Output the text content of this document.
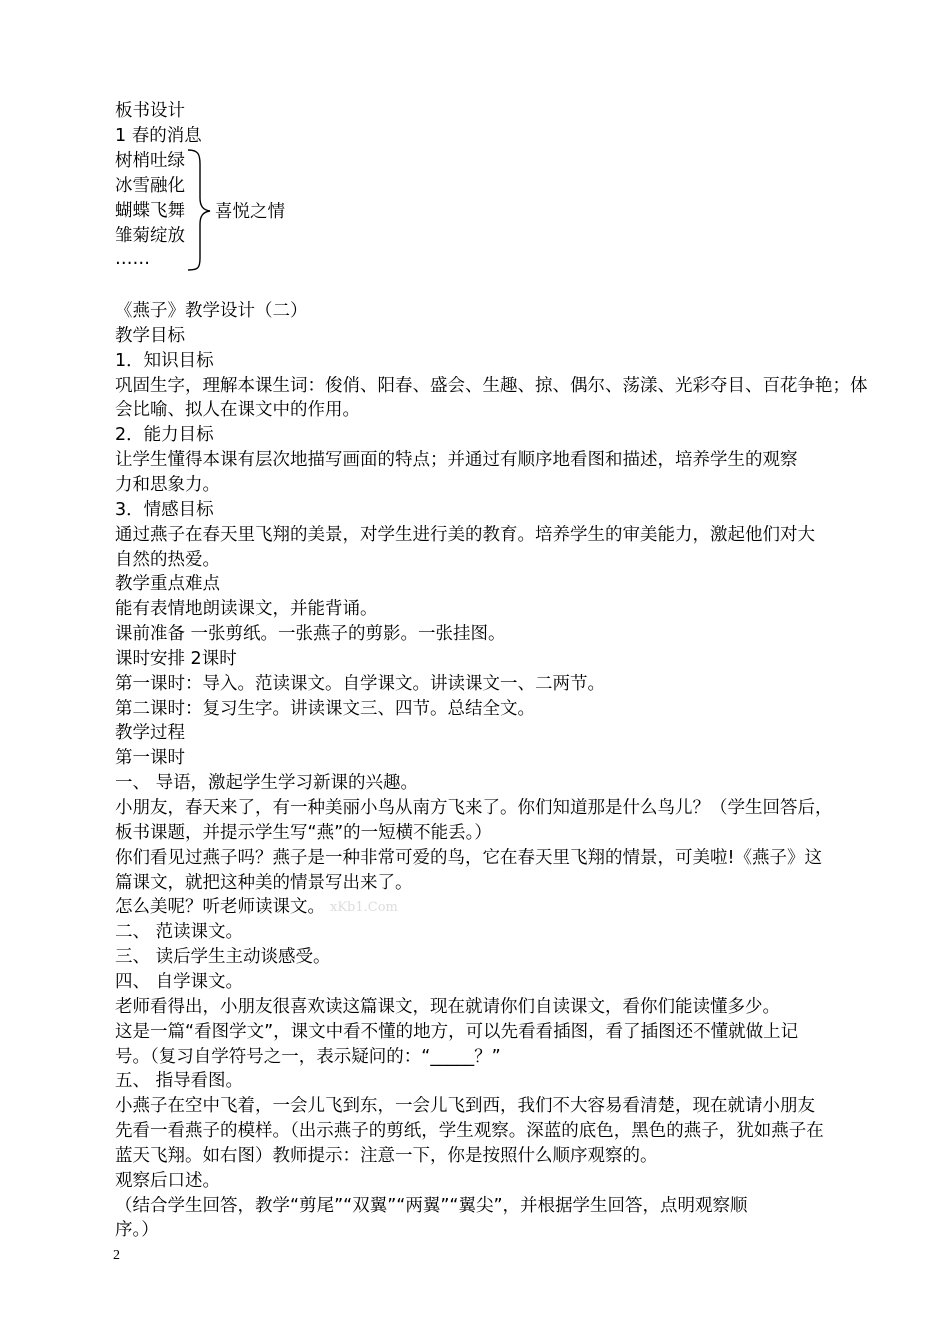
板书设计
1 春的消息
树梢吐绿
冰雪融化
蝴蝶飞舞
雏菊绽放
……
喜悦之情
《燕子》教学设计（二）
教学目标
1．知识目标
巩固生字，理解本课生词：俊俏、阳春、盛会、生趣、掠、偶尔、荡漾、光彩夺目、百花争艳；体
会比喻、拟人在课文中的作用。
2．能力目标
让学生懂得本课有层次地描写画面的特点；并通过有顺序地看图和描述，培养学生的观察
力和思象力。
3．情感目标
通过燕子在春天里飞翔的美景，对学生进行美的教育。培养学生的审美能力，激起他们对大
自然的热爱。
教学重点难点
能有表情地朗读课文，并能背诵。
课前准备 一张剪纸。一张燕子的剪影。一张挂图。
课时安排 2课时
第一课时：导入。范读课文。自学课文。讲读课文一、二两节。
第二课时：复习生字。讲读课文三、四节。总结全文。
教学过程
第一课时
一、 导语，激起学生学习新课的兴趣。
小朋友，春天来了，有一种美丽小鸟从南方飞来了。你们知道那是什么鸟儿？（学生回答后，
板书课题，并提示学生写“燕”的一短横不能丢。）
你们看见过燕子吗？燕子是一种非常可爱的鸟，它在春天里飞翔的情景，可美啦!《燕子》这
篇课文，就把这种美的情景写出来了。
怎么美呢？听老师读课文。
二、 范读课文。
三、 读后学生主动谈感受。
四、 自学课文。
老师看得出，小朋友很喜欢读这篇课文，现在就请你们自读课文，看你们能读懂多少。
这是一篇“看图学文”，课文中看不懂的地方，可以先看看插图，看了插图还不懂就做上记
号。（复习自学符号之一，表示疑问的：“_____？”
五、 指导看图。
小燕子在空中飞着，一会儿飞到东，一会儿飞到西，我们不大容易看清楚，现在就请小朋友
先看一看燕子的模样。（出示燕子的剪纸，学生观察。深蓝的底色，黑色的燕子，犹如燕子在
蓝天飞翔。如右图）教师提示：注意一下，你是按照什么顺序观察的。
观察后口述。
（结合学生回答，教学“剪尾”“双翼”“两翼”“翼尖”，并根据学生回答，点明观察顺
序。）
xKb1.Com
2
